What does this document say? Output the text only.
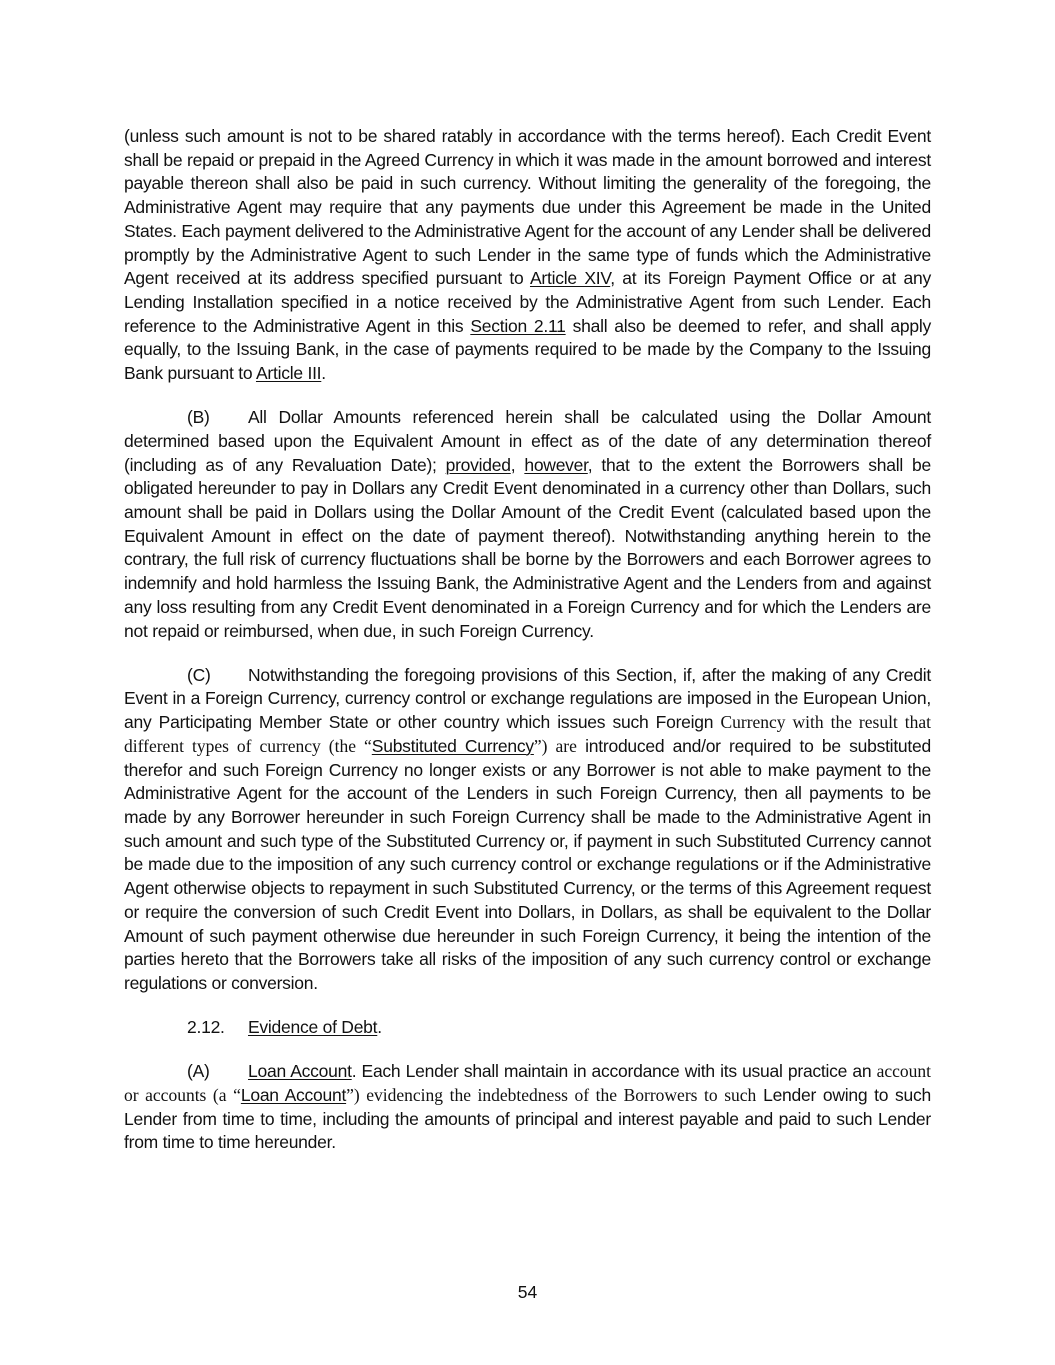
(unless such amount is not to be shared ratably in accordance with the terms hereof). Each Credit Event shall be repaid or prepaid in the Agreed Currency in which it was made in the amount borrowed and interest payable thereon shall also be paid in such currency. Without limiting the generality of the foregoing, the Administrative Agent may require that any payments due under this Agreement be made in the United States. Each payment delivered to the Administrative Agent for the account of any Lender shall be delivered promptly by the Administrative Agent to such Lender in the same type of funds which the Administrative Agent received at its address specified pursuant to Article XIV, at its Foreign Payment Office or at any Lending Installation specified in a notice received by the Administrative Agent from such Lender. Each reference to the Administrative Agent in this Section 2.11 shall also be deemed to refer, and shall apply equally, to the Issuing Bank, in the case of payments required to be made by the Company to the Issuing Bank pursuant to Article III.

(B) All Dollar Amounts referenced herein shall be calculated using the Dollar Amount determined based upon the Equivalent Amount in effect as of the date of any determination thereof (including as of any Revaluation Date); provided, however, that to the extent the Borrowers shall be obligated hereunder to pay in Dollars any Credit Event denominated in a currency other than Dollars, such amount shall be paid in Dollars using the Dollar Amount of the Credit Event (calculated based upon the Equivalent Amount in effect on the date of payment thereof). Notwithstanding anything herein to the contrary, the full risk of currency fluctuations shall be borne by the Borrowers and each Borrower agrees to indemnify and hold harmless the Issuing Bank, the Administrative Agent and the Lenders from and against any loss resulting from any Credit Event denominated in a Foreign Currency and for which the Lenders are not repaid or reimbursed, when due, in such Foreign Currency.

(C) Notwithstanding the foregoing provisions of this Section, if, after the making of any Credit Event in a Foreign Currency, currency control or exchange regulations are imposed in the European Union, any Participating Member State or other country which issues such Foreign Currency with the result that different types of currency (the “Substituted Currency”) are introduced and/or required to be substituted therefor and such Foreign Currency no longer exists or any Borrower is not able to make payment to the Administrative Agent for the account of the Lenders in such Foreign Currency, then all payments to be made by any Borrower hereunder in such Foreign Currency shall be made to the Administrative Agent in such amount and such type of the Substituted Currency or, if payment in such Substituted Currency cannot be made due to the imposition of any such currency control or exchange regulations or if the Administrative Agent otherwise objects to repayment in such Substituted Currency, or the terms of this Agreement request or require the conversion of such Credit Event into Dollars, in Dollars, as shall be equivalent to the Dollar Amount of such payment otherwise due hereunder in such Foreign Currency, it being the intention of the parties hereto that the Borrowers take all risks of the imposition of any such currency control or exchange regulations or conversion.

2.12. Evidence of Debt.

(A) Loan Account. Each Lender shall maintain in accordance with its usual practice an account or accounts (a “Loan Account”) evidencing the indebtedness of the Borrowers to such Lender owing to such Lender from time to time, including the amounts of principal and interest payable and paid to such Lender from time to time hereunder.

54
